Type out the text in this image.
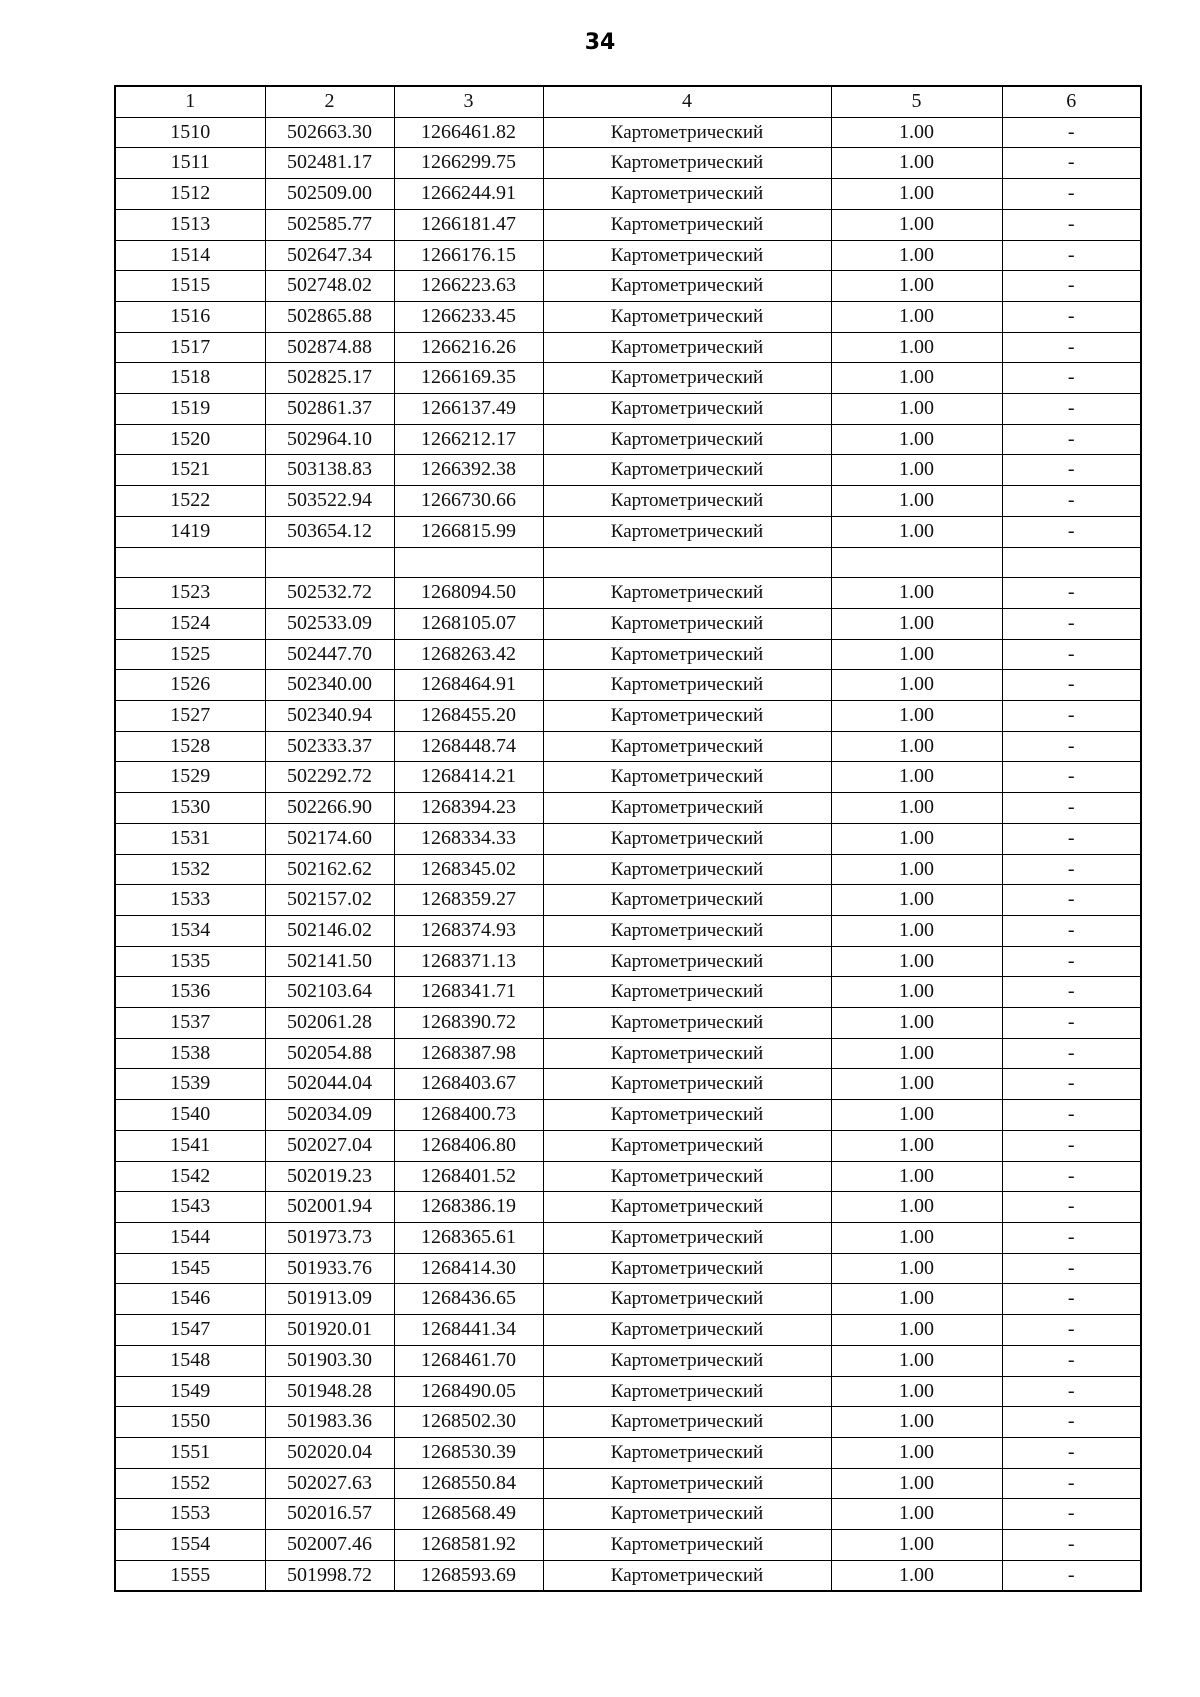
34
1	2	3	4	5	6
1510	502663.30	1266461.82	Картометрический	1.00	-
1511	502481.17	1266299.75	Картометрический	1.00	-
1512	502509.00	1266244.91	Картометрический	1.00	-
1513	502585.77	1266181.47	Картометрический	1.00	-
1514	502647.34	1266176.15	Картометрический	1.00	-
1515	502748.02	1266223.63	Картометрический	1.00	-
1516	502865.88	1266233.45	Картометрический	1.00	-
1517	502874.88	1266216.26	Картометрический	1.00	-
1518	502825.17	1266169.35	Картометрический	1.00	-
1519	502861.37	1266137.49	Картометрический	1.00	-
1520	502964.10	1266212.17	Картометрический	1.00	-
1521	503138.83	1266392.38	Картометрический	1.00	-
1522	503522.94	1266730.66	Картометрический	1.00	-
1419	503654.12	1266815.99	Картометрический	1.00	-

1523	502532.72	1268094.50	Картометрический	1.00	-
1524	502533.09	1268105.07	Картометрический	1.00	-
1525	502447.70	1268263.42	Картометрический	1.00	-
1526	502340.00	1268464.91	Картометрический	1.00	-
1527	502340.94	1268455.20	Картометрический	1.00	-
1528	502333.37	1268448.74	Картометрический	1.00	-
1529	502292.72	1268414.21	Картометрический	1.00	-
1530	502266.90	1268394.23	Картометрический	1.00	-
1531	502174.60	1268334.33	Картометрический	1.00	-
1532	502162.62	1268345.02	Картометрический	1.00	-
1533	502157.02	1268359.27	Картометрический	1.00	-
1534	502146.02	1268374.93	Картометрический	1.00	-
1535	502141.50	1268371.13	Картометрический	1.00	-
1536	502103.64	1268341.71	Картометрический	1.00	-
1537	502061.28	1268390.72	Картометрический	1.00	-
1538	502054.88	1268387.98	Картометрический	1.00	-
1539	502044.04	1268403.67	Картометрический	1.00	-
1540	502034.09	1268400.73	Картометрический	1.00	-
1541	502027.04	1268406.80	Картометрический	1.00	-
1542	502019.23	1268401.52	Картометрический	1.00	-
1543	502001.94	1268386.19	Картометрический	1.00	-
1544	501973.73	1268365.61	Картометрический	1.00	-
1545	501933.76	1268414.30	Картометрический	1.00	-
1546	501913.09	1268436.65	Картометрический	1.00	-
1547	501920.01	1268441.34	Картометрический	1.00	-
1548	501903.30	1268461.70	Картометрический	1.00	-
1549	501948.28	1268490.05	Картометрический	1.00	-
1550	501983.36	1268502.30	Картометрический	1.00	-
1551	502020.04	1268530.39	Картометрический	1.00	-
1552	502027.63	1268550.84	Картометрический	1.00	-
1553	502016.57	1268568.49	Картометрический	1.00	-
1554	502007.46	1268581.92	Картометрический	1.00	-
1555	501998.72	1268593.69	Картометрический	1.00	-
